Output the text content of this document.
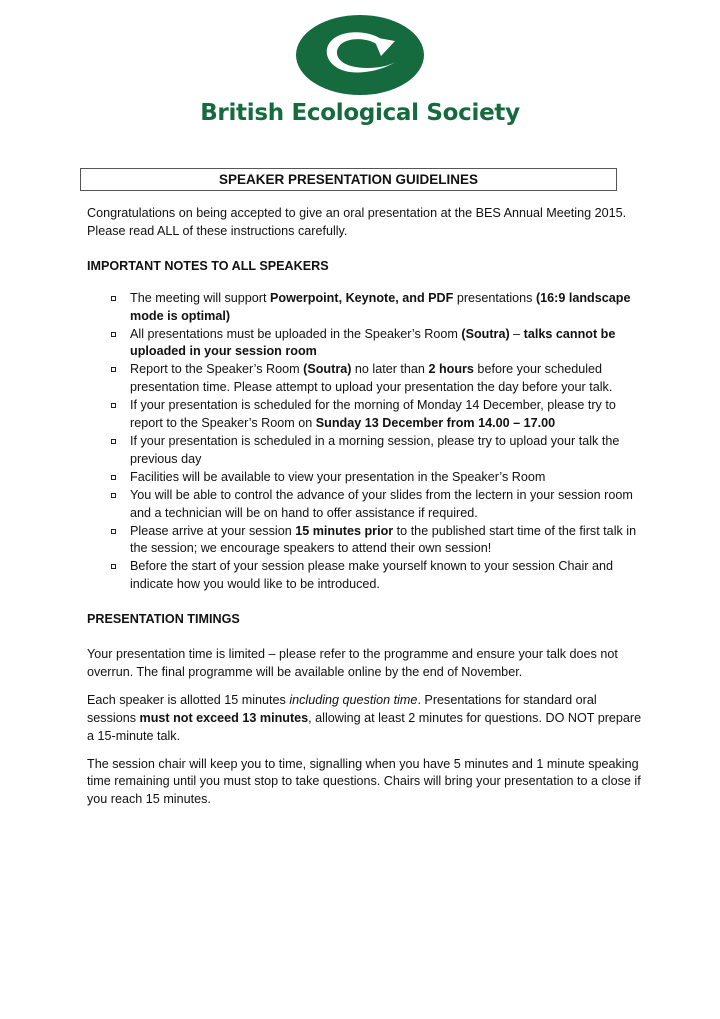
British Ecological Society
SPEAKER PRESENTATION GUIDELINES

Congratulations on being accepted to give an oral presentation at the BES Annual Meeting 2015. Please read ALL of these instructions carefully.

IMPORTANT NOTES TO ALL SPEAKERS

The meeting will support Powerpoint, Keynote, and PDF presentations (16:9 landscape mode is optimal)
All presentations must be uploaded in the Speaker’s Room (Soutra) – talks cannot be uploaded in your session room
Report to the Speaker’s Room (Soutra) no later than 2 hours before your scheduled presentation time. Please attempt to upload your presentation the day before your talk.
If your presentation is scheduled for the morning of Monday 14 December, please try to report to the Speaker’s Room on Sunday 13 December from 14.00 – 17.00
If your presentation is scheduled in a morning session, please try to upload your talk the previous day
Facilities will be available to view your presentation in the Speaker’s Room
You will be able to control the advance of your slides from the lectern in your session room and a technician will be on hand to offer assistance if required.
Please arrive at your session 15 minutes prior to the published start time of the first talk in the session; we encourage speakers to attend their own session!
Before the start of your session please make yourself known to your session Chair and indicate how you would like to be introduced.

PRESENTATION TIMINGS

Your presentation time is limited – please refer to the programme and ensure your talk does not overrun. The final programme will be available online by the end of November.

Each speaker is allotted 15 minutes including question time. Presentations for standard oral sessions must not exceed 13 minutes, allowing at least 2 minutes for questions. DO NOT prepare a 15-minute talk.

The session chair will keep you to time, signalling when you have 5 minutes and 1 minute speaking time remaining until you must stop to take questions. Chairs will bring your presentation to a close if you reach 15 minutes.
